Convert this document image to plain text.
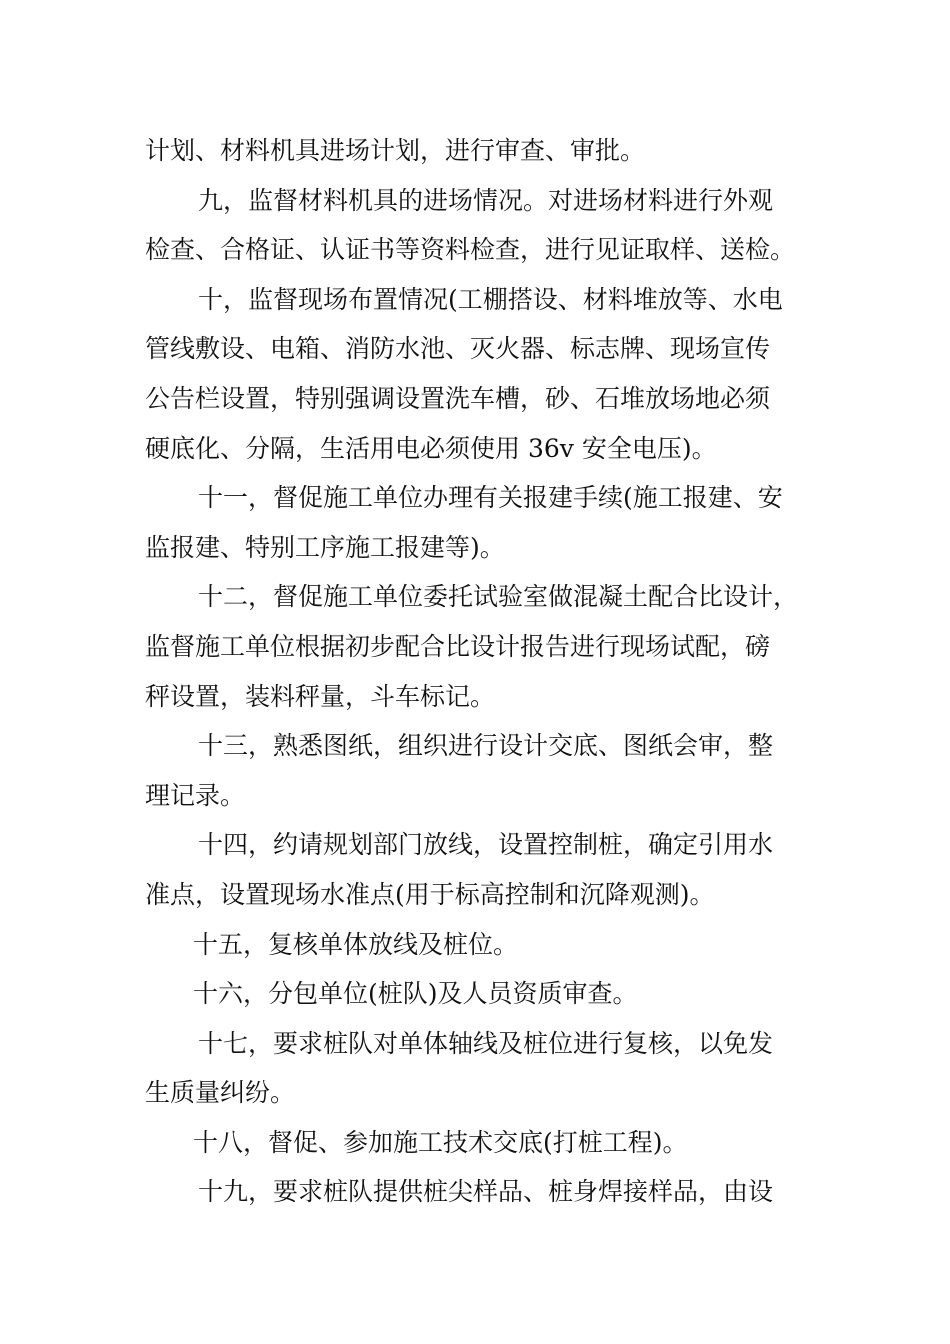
计划、材料机具进场计划，进行审查、审批。
九，监督材料机具的进场情况。对进场材料进行外观
检查、合格证、认证书等资料检查，进行见证取样、送检。
十，监督现场布置情况(工棚搭设、材料堆放等、水电
管线敷设、电箱、消防水池、灭火器、标志牌、现场宣传
公告栏设置，特别强调设置洗车槽，砂、石堆放场地必须
硬底化、分隔，生活用电必须使用 36v 安全电压)。
十一，督促施工单位办理有关报建手续(施工报建、安
监报建、特别工序施工报建等)。
十二，督促施工单位委托试验室做混凝土配合比设计，
监督施工单位根据初步配合比设计报告进行现场试配，磅
秤设置，装料秤量，斗车标记。
十三，熟悉图纸，组织进行设计交底、图纸会审，整
理记录。
十四，约请规划部门放线，设置控制桩，确定引用水
准点，设置现场水准点(用于标高控制和沉降观测)。
十五，复核单体放线及桩位。
十六，分包单位(桩队)及人员资质审查。
十七，要求桩队对单体轴线及桩位进行复核，以免发
生质量纠纷。
十八，督促、参加施工技术交底(打桩工程)。
十九，要求桩队提供桩尖样品、桩身焊接样品，由设
